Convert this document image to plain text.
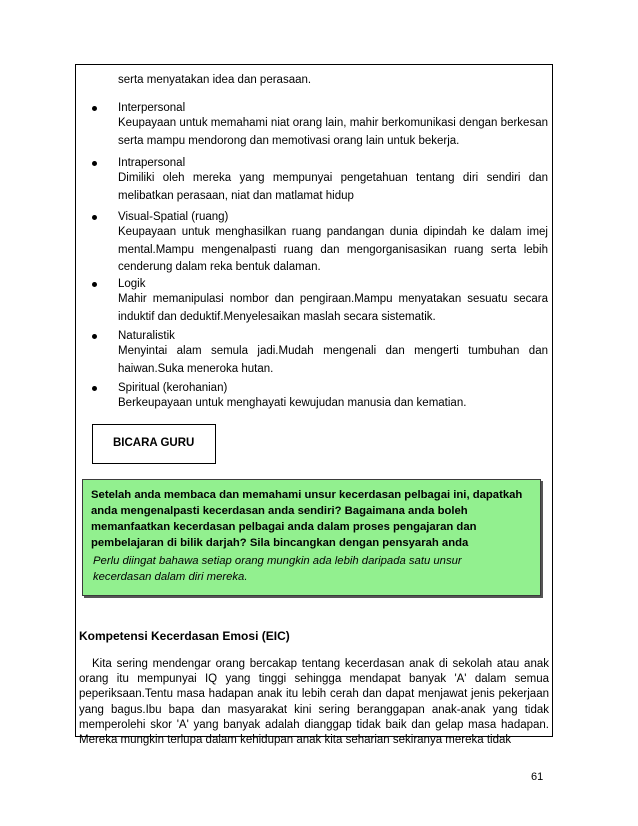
serta menyatakan idea dan perasaan.
Interpersonal
Keupayaan untuk memahami niat orang lain, mahir berkomunikasi dengan berkesan serta mampu mendorong dan memotivasi orang lain untuk bekerja.
Intrapersonal
Dimiliki oleh mereka yang mempunyai pengetahuan tentang diri sendiri dan melibatkan perasaan, niat dan matlamat hidup
Visual-Spatial (ruang)
Keupayaan untuk menghasilkan ruang pandangan dunia dipindah ke dalam imej mental.Mampu mengenalpasti ruang dan mengorganisasikan ruang serta lebih cenderung dalam reka bentuk dalaman.
Logik
Mahir memanipulasi nombor dan pengiraan.Mampu menyatakan sesuatu secara induktif dan deduktif.Menyelesaikan maslah secara sistematik.
Naturalistik
Menyintai alam semula jadi.Mudah mengenali dan mengerti tumbuhan dan haiwan.Suka meneroka hutan.
Spiritual (kerohanian)
Berkeupayaan untuk menghayati kewujudan manusia dan kematian.
BICARA GURU
Setelah anda membaca dan memahami unsur kecerdasan pelbagai ini, dapatkah anda mengenalpasti kecerdasan anda sendiri? Bagaimana anda boleh memanfaatkan kecerdasan pelbagai anda dalam proses pengajaran dan pembelajaran di bilik darjah? Sila bincangkan dengan pensyarah anda
Perlu diingat bahawa setiap orang mungkin ada lebih daripada satu unsur kecerdasan dalam diri mereka.
Kompetensi Kecerdasan Emosi (EIC)
Kita sering mendengar orang bercakap tentang kecerdasan anak di sekolah atau anak orang itu mempunyai IQ yang tinggi sehingga mendapat banyak 'A' dalam semua peperiksaan.Tentu masa hadapan anak itu lebih cerah dan dapat menjawat jenis pekerjaan yang bagus.Ibu bapa dan masyarakat kini sering beranggapan anak-anak yang tidak memperolehi skor 'A' yang banyak adalah dianggap tidak baik dan gelap masa hadapan. Mereka mungkin terlupa dalam kehidupan anak kita seharian sekiranya mereka tidak
61
